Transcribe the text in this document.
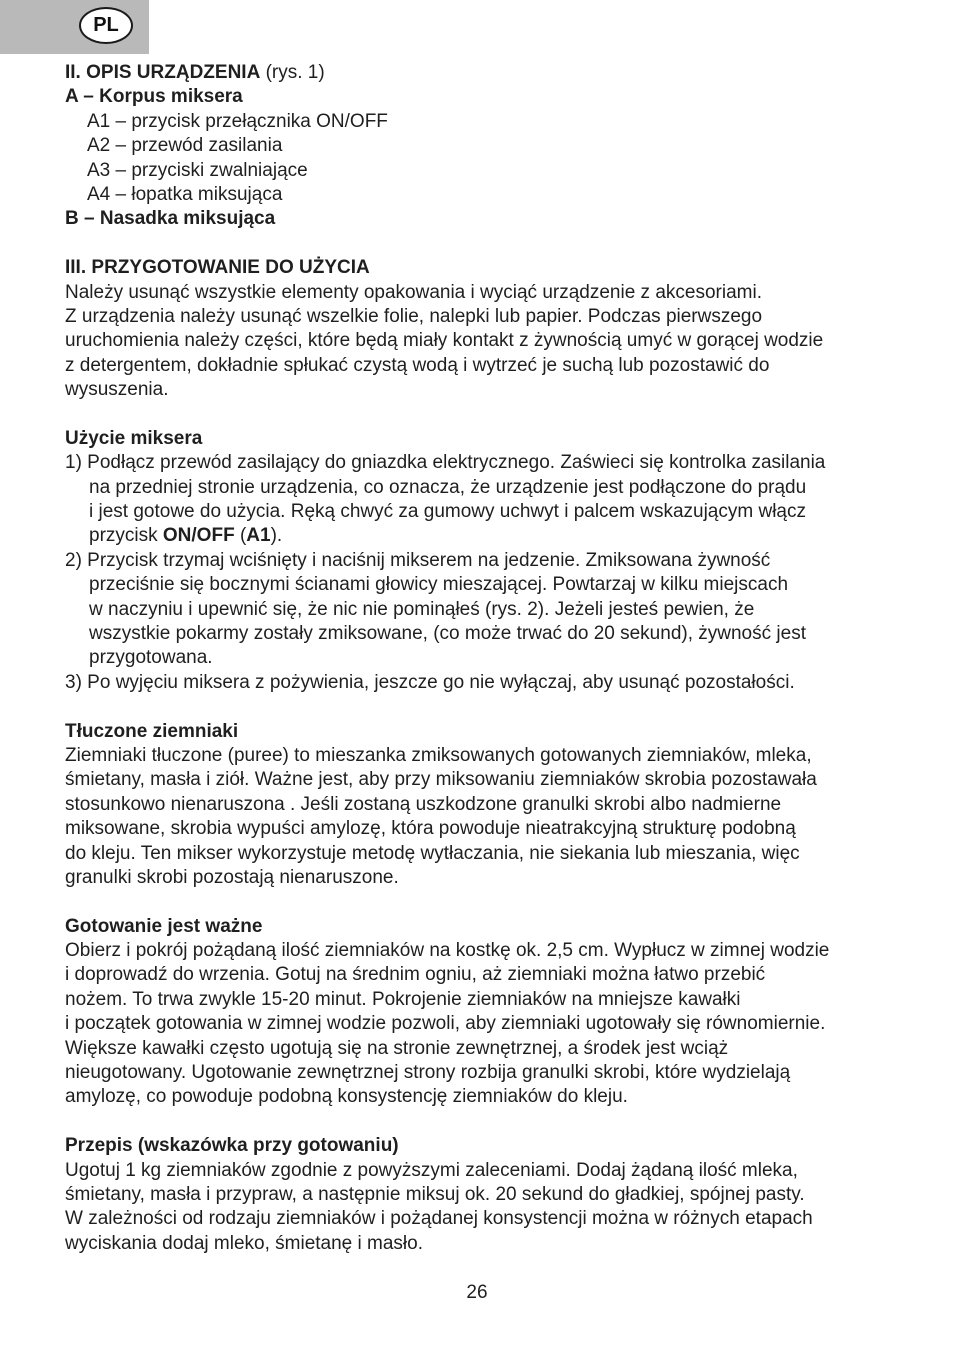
PL
II. OPIS URZĄDZENIA (rys. 1)
A – Korpus miksera
A1 – przycisk przełącznika ON/OFF
A2 – przewód zasilania
A3 – przyciski zwalniające
A4 – łopatka miksująca
B – Nasadka miksująca
III. PRZYGOTOWANIE DO UŻYCIA
Należy usunąć wszystkie elementy opakowania i wyciąć urządzenie z akcesoriami.
Z urządzenia należy usunąć wszelkie folie, nalepki lub papier. Podczas pierwszego
uruchomienia należy części, które będą miały kontakt z żywnością umyć w gorącej wodzie
z detergentem, dokładnie spłukać czystą wodą i wytrzeć je suchą lub pozostawić do
wysuszenia.
Użycie miksera
1) Podłącz przewód zasilający do gniazdka elektrycznego. Zaświeci się kontrolka zasilania
na przedniej stronie urządzenia, co oznacza, że urządzenie jest podłączone do prądu
i jest gotowe do użycia. Ręką chwyć za gumowy uchwyt i palcem wskazującym włącz
przycisk ON/OFF (A1).
2) Przycisk trzymaj wciśnięty i naciśnij mikserem na jedzenie. Zmiksowana żywność
przeciśnie się bocznymi ścianami głowicy mieszającej. Powtarzaj w kilku miejscach
w naczyniu i upewnić się, że nic nie pominąłeś (rys. 2). Jeżeli jesteś pewien, że
wszystkie pokarmy zostały zmiksowane, (co może trwać do 20 sekund), żywność jest
przygotowana.
3) Po wyjęciu miksera z pożywienia, jeszcze go nie wyłączaj, aby usunąć pozostałości.
Tłuczone ziemniaki
Ziemniaki tłuczone (puree) to mieszanka zmiksowanych gotowanych ziemniaków, mleka,
śmietany, masła i ziół. Ważne jest, aby przy miksowaniu ziemniaków skrobia pozostawała
stosunkowo nienaruszona . Jeśli zostaną uszkodzone granulki skrobi albo nadmierne
miksowane, skrobia wypuści amylozę, która powoduje nieatrakcyjną strukturę podobną
do kleju. Ten mikser wykorzystuje metodę wytłaczania, nie siekania lub mieszania, więc
granulki skrobi pozostają nienaruszone.
Gotowanie jest ważne
Obierz i pokrój pożądaną ilość ziemniaków na kostkę ok. 2,5 cm. Wypłucz w zimnej wodzie
i doprowadź do wrzenia. Gotuj na średnim ogniu, aż ziemniaki można łatwo przebić
nożem. To trwa zwykle 15-20 minut. Pokrojenie ziemniaków na mniejsze kawałki
i początek gotowania w zimnej wodzie pozwoli, aby ziemniaki ugotowały się równomiernie.
Większe kawałki często ugotują się na stronie zewnętrznej, a środek jest wciąż
nieugotowany. Ugotowanie zewnętrznej strony rozbija granulki skrobi, które wydzielają
amylozę, co powoduje podobną konsystencję ziemniaków do kleju.
Przepis (wskazówka przy gotowaniu)
Ugotuj 1 kg ziemniaków zgodnie z powyższymi zaleceniami. Dodaj żądaną ilość mleka,
śmietany, masła i przypraw, a następnie miksuj ok. 20 sekund do gładkiej, spójnej pasty.
W zależności od rodzaju ziemniaków i pożądanej konsystencji można w różnych etapach
wyciskania dodaj mleko, śmietanę i masło.
26
